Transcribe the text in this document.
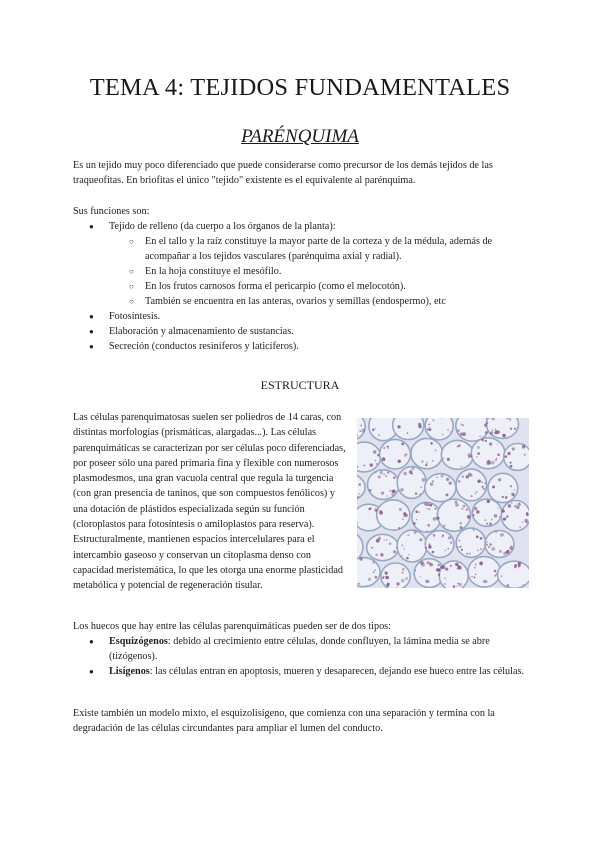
TEMA 4: TEJIDOS FUNDAMENTALES
PARÉNQUIMA

Es un tejido muy poco diferenciado que puede considerarse como precursor de los demás tejidos de las traqueofitas. En briofitas el único "tejido" existente es el equivalente al parénquima.

Sus funciones son:

● Tejido de relleno (da cuerpo a los órganos de la planta):
○ En el tallo y la raíz constituye la mayor parte de la corteza y de la médula, además de acompañar a los tejidos vasculares (parénquima axial y radial).
○ En la hoja constituye el mesófilo.
○ En los frutos carnosos forma el pericarpio (como el melocotón).
○ También se encuentra en las anteras, ovarios y semillas (endospermo), etc
● Fotosíntesis.
● Elaboración y almacenamiento de sustancias.
● Secreción (conductos resiníferos y laticíferos).
ESTRUCTURA

Las células parenquimatosas suelen ser poliedros de 14 caras, con distintas morfologías (prismáticas, alargadas...). Las células parenquimáticas se caracterizan por ser células poco diferenciadas, por poseer sólo una pared primaria fina y flexible con numerosos plasmodesmos, una gran vacuola central que regula la turgencia (con gran presencia de taninos, que son compuestos fenólicos) y una dotación de plástidos especializada según su función (cloroplastos para fotosíntesis o amiloplastos para reserva). Estructuralmente, mantienen espacios intercelulares para el intercambio gaseoso y conservan un citoplasma denso con capacidad meristemática, lo que les otorga una enorme plasticidad metabólica y potencial de regeneración tisular.

Los huecos que hay entre las células parenquimáticas pueden ser de dos tipos:

● Esquizógenos: debido al crecimiento entre células, donde confluyen, la lámina media se abre (tizógenos).
● Lisígenos: las células entran en apoptosis, mueren y desaparecen, dejando ese hueco entre las células.

Existe también un modelo mixto, el esquizolisígeno, que comienza con una separación y termina con la degradación de las células circundantes para ampliar el lumen del conducto.
